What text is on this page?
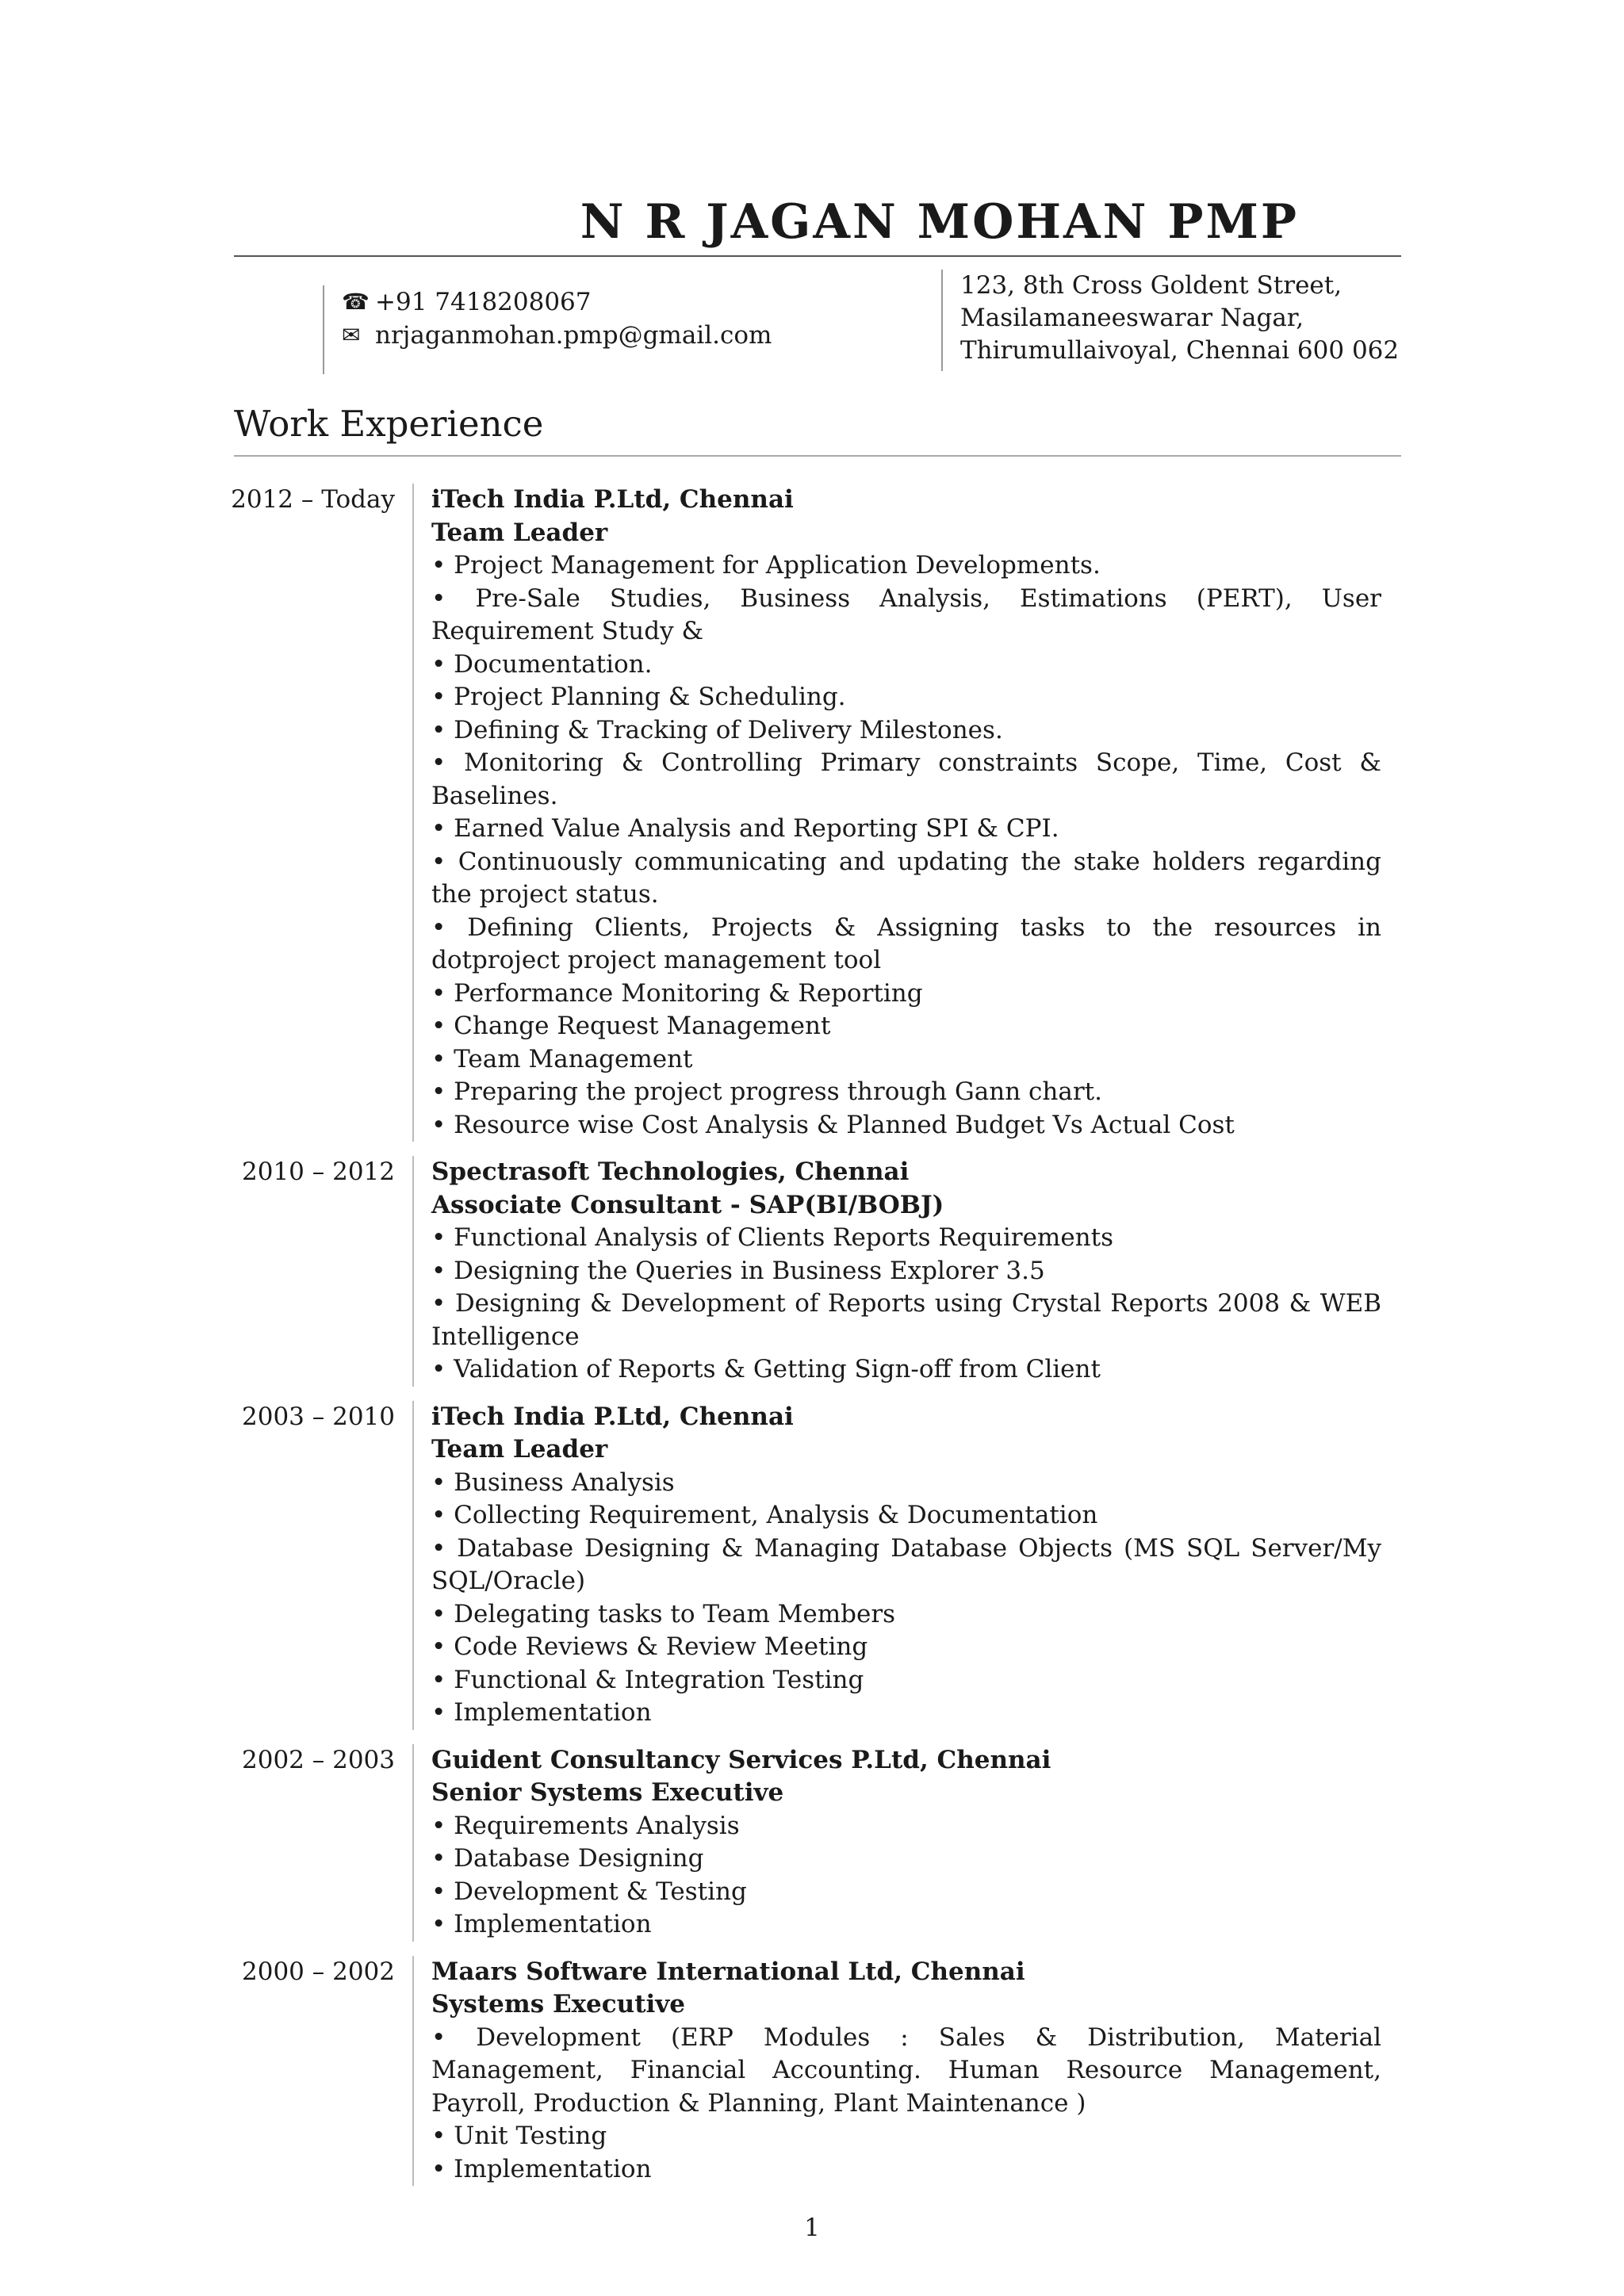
N R JAGAN MOHAN PMP
☎ +91 7418208067
✉ nrjaganmohan.pmp@gmail.com
123, 8th Cross Goldent Street,
Masilamaneeswarar Nagar,
Thirumullaivoyal, Chennai 600 062
Work Experience
2012 – Today	iTech India P.Ltd, Chennai
Team Leader
• Project Management for Application Developments.
• Pre-Sale Studies, Business Analysis, Estimations (PERT), User Requirement Study &
• Documentation.
• Project Planning & Scheduling.
• Defining & Tracking of Delivery Milestones.
• Monitoring & Controlling Primary constraints Scope, Time, Cost & Baselines.
• Earned Value Analysis and Reporting SPI & CPI.
• Continuously communicating and updating the stake holders regarding the project status.
• Defining Clients, Projects & Assigning tasks to the resources in dotproject project management tool
• Performance Monitoring & Reporting
• Change Request Management
• Team Management
• Preparing the project progress through Gann chart.
• Resource wise Cost Analysis & Planned Budget Vs Actual Cost
2010 – 2012	Spectrasoft Technologies, Chennai
Associate Consultant - SAP(BI/BOBJ)
• Functional Analysis of Clients Reports Requirements
• Designing the Queries in Business Explorer 3.5
• Designing & Development of Reports using Crystal Reports 2008 & WEB Intelligence
• Validation of Reports & Getting Sign-off from Client
2003 – 2010	iTech India P.Ltd, Chennai
Team Leader
• Business Analysis
• Collecting Requirement, Analysis & Documentation
• Database Designing & Managing Database Objects (MS SQL Server/My SQL/Oracle)
• Delegating tasks to Team Members
• Code Reviews & Review Meeting
• Functional & Integration Testing
• Implementation
2002 – 2003	Guident Consultancy Services P.Ltd, Chennai
Senior Systems Executive
• Requirements Analysis
• Database Designing
• Development & Testing
• Implementation
2000 – 2002	Maars Software International Ltd, Chennai
Systems Executive
• Development (ERP Modules : Sales & Distribution, Material Management, Financial Accounting. Human Resource Management, Payroll, Production & Planning, Plant Maintenance )
• Unit Testing
• Implementation
1
